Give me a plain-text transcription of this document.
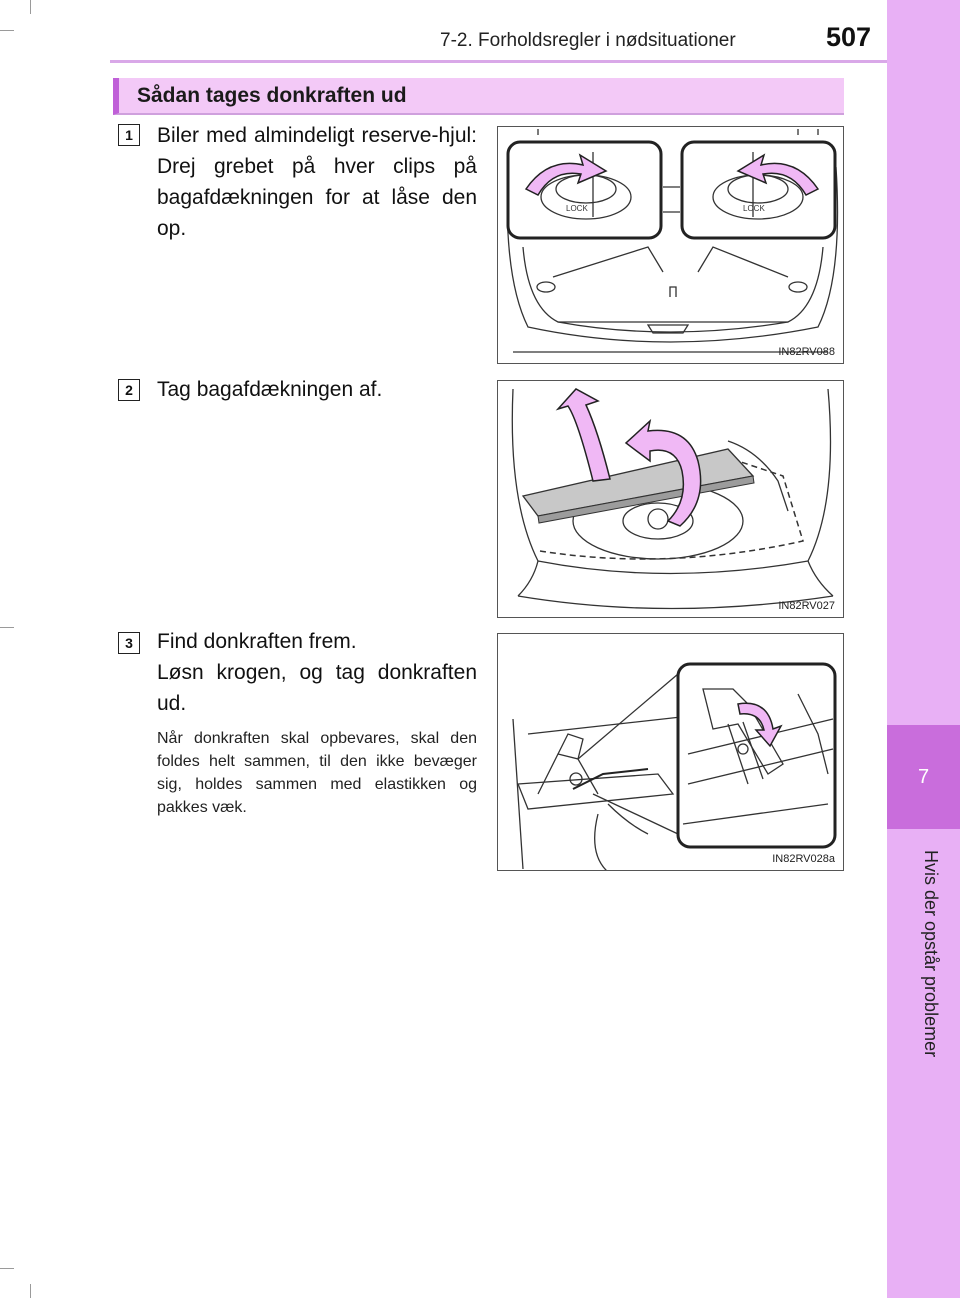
7
Hvis der opstår problemer
7-2. Forholdsregler i nødsituationer	507
Sådan tages donkraften ud
1	Biler med almindeligt reserve-hjul: Drej grebet på hver clips på bagafdækningen for at låse den op.
LOCK	LOCK
IN82RV088
2	Tag bagafdækningen af.
IN82RV027
3	Find donkraften frem.
Løsn krogen, og tag donkraften ud.
Når donkraften skal opbevares, skal den foldes helt sammen, til den ikke bevæger sig, holdes sammen med elastikken og pakkes væk.
IN82RV028a
